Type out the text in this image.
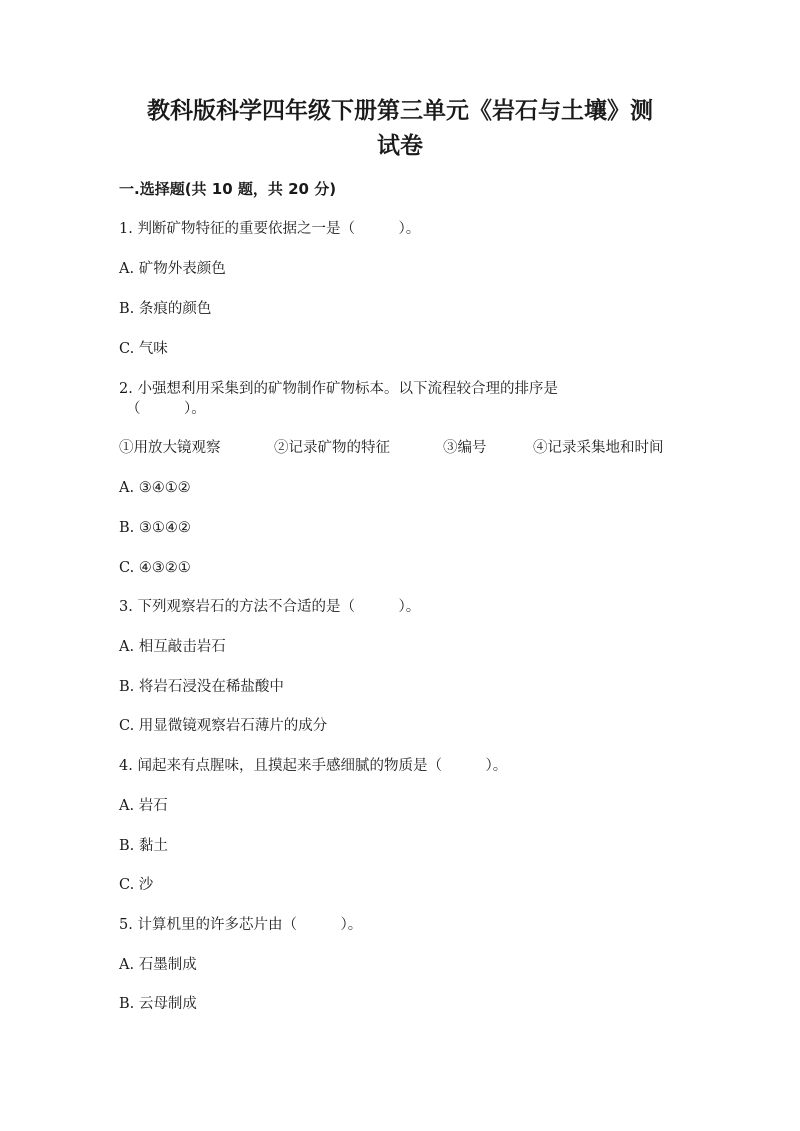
教科版科学四年级下册第三单元《岩石与土壤》测
试卷
一.选择题(共 10 题，共 20 分)
1. 判断矿物特征的重要依据之一是（　　　）。
A. 矿物外表颜色
B. 条痕的颜色
C. 气味
2. 小强想利用采集到的矿物制作矿物标本。以下流程较合理的排序是
（　　　）。
①用放大镜观察	②记录矿物的特征	③编号	④记录采集地和时间
A. ③④①②
B. ③①④②
C. ④③②①
3. 下列观察岩石的方法不合适的是（　　　）。
A. 相互敲击岩石
B. 将岩石浸没在稀盐酸中
C. 用显微镜观察岩石薄片的成分
4. 闻起来有点腥味，且摸起来手感细腻的物质是（　　　）。
A. 岩石
B. 黏土
C. 沙
5. 计算机里的许多芯片由（　　　）。
A. 石墨制成
B. 云母制成
